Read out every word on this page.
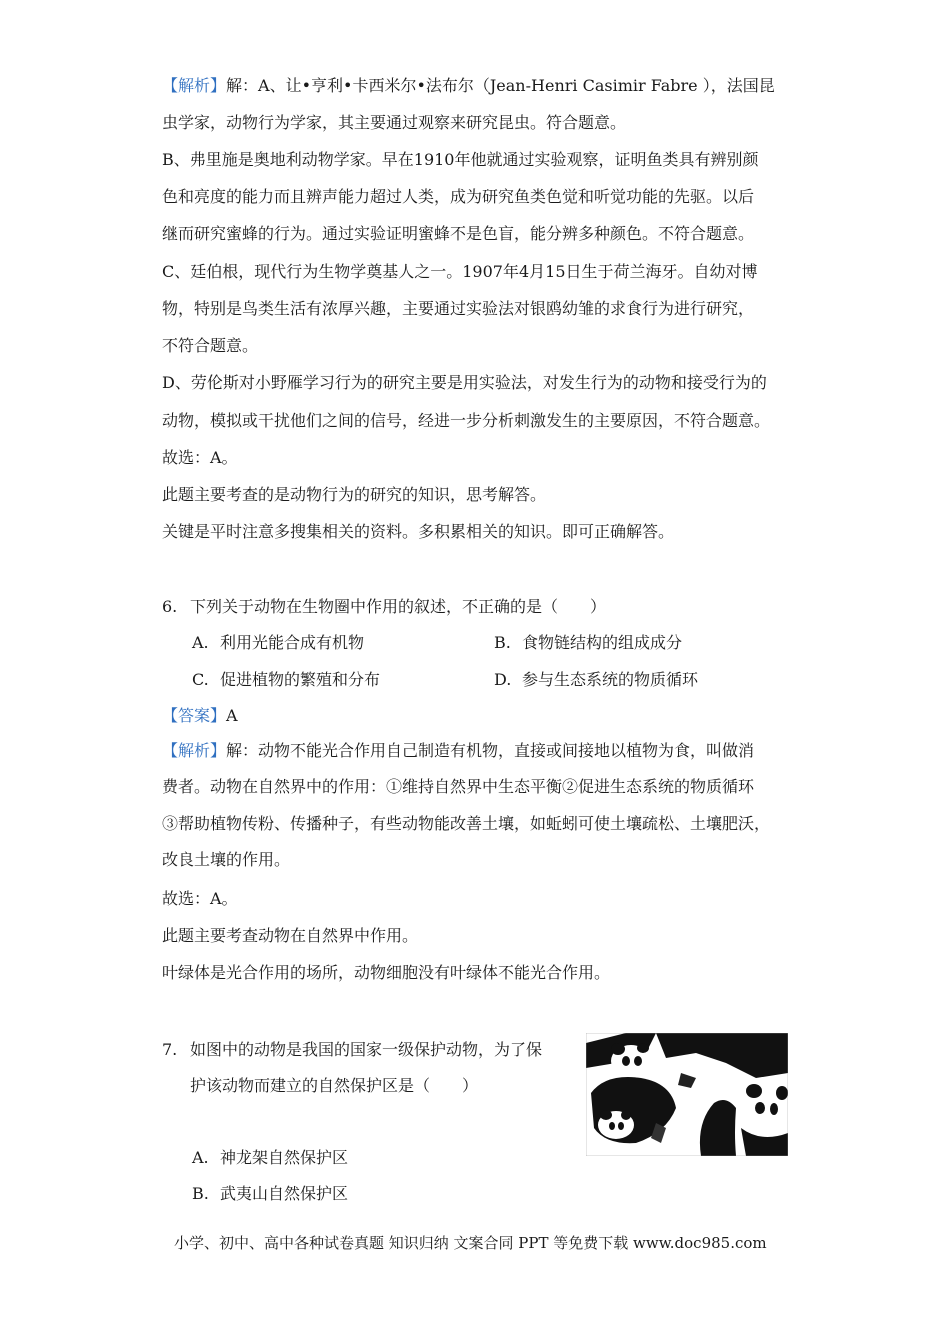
【解析】解：A、让•亨利•卡西米尔•法布尔（Jean-Henri Casimir Fabre ），法国昆
虫学家，动物行为学家，其主要通过观察来研究昆虫。符合题意。
B、弗里施是奥地利动物学家。早在1910年他就通过实验观察，证明鱼类具有辨别颜
色和亮度的能力而且辨声能力超过人类，成为研究鱼类色觉和听觉功能的先驱。以后
继而研究蜜蜂的行为。通过实验证明蜜蜂不是色盲，能分辨多种颜色。不符合题意。
C、廷伯根，现代行为生物学奠基人之一。1907年4月15日生于荷兰海牙。自幼对博
物，特别是鸟类生活有浓厚兴趣，主要通过实验法对银鸥幼雏的求食行为进行研究，
不符合题意。
D、劳伦斯对小野雁学习行为的研究主要是用实验法，对发生行为的动物和接受行为的
动物，模拟或干扰他们之间的信号，经进一步分析刺激发生的主要原因，不符合题意。
故选：A。
此题主要考查的是动物行为的研究的知识，思考解答。
关键是平时注意多搜集相关的资料。多积累相关的知识。即可正确解答。
6. 下列关于动物在生物圈中作用的叙述，不正确的是（　　）
A. 利用光能合成有机物	B. 食物链结构的组成成分
C. 促进植物的繁殖和分布	D. 参与生态系统的物质循环
【答案】A
【解析】解：动物不能光合作用自己制造有机物，直接或间接地以植物为食，叫做消
费者。动物在自然界中的作用：①维持自然界中生态平衡②促进生态系统的物质循环
③帮助植物传粉、传播种子，有些动物能改善土壤，如蚯蚓可使土壤疏松、土壤肥沃，
改良土壤的作用。
故选：A。
此题主要考查动物在自然界中作用。
叶绿体是光合作用的场所，动物细胞没有叶绿体不能光合作用。
7. 如图中的动物是我国的国家一级保护动物，为了保
护该动物而建立的自然保护区是（　　）
A. 神龙架自然保护区
B. 武夷山自然保护区
小学、初中、高中各种试卷真题 知识归纳 文案合同 PPT 等免费下载 www.doc985.com
